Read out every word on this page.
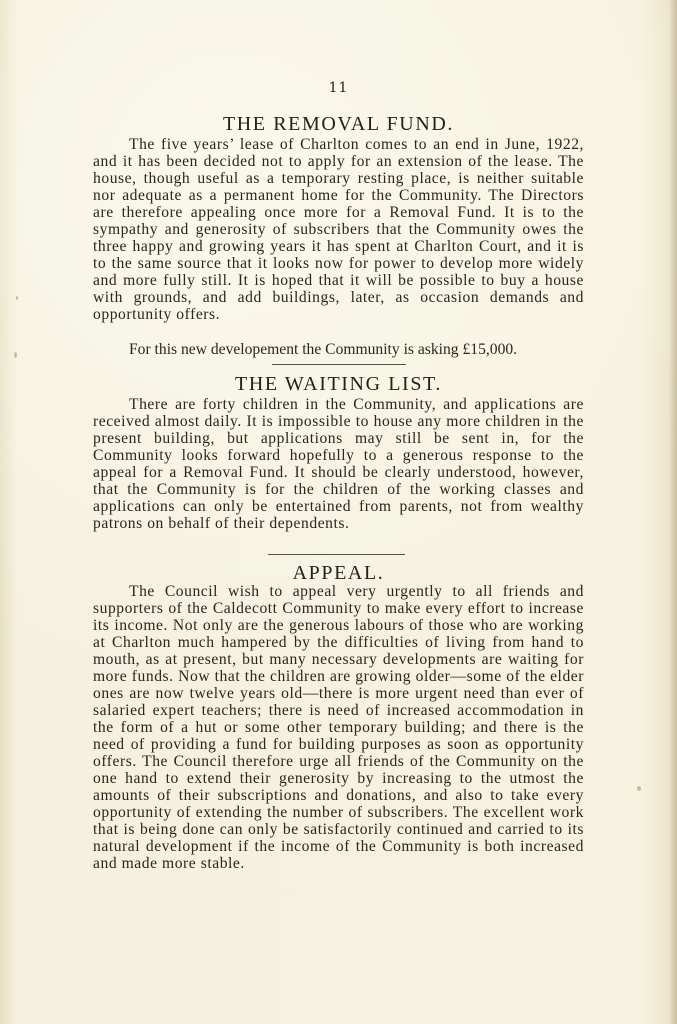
11
THE REMOVAL FUND.
The five years’ lease of Charlton comes to an end in June, 1922, and it has been decided not to apply for an extension of the lease. The house, though useful as a temporary resting place, is neither suitable nor adequate as a permanent home for the Community. The Directors are therefore appealing once more for a Removal Fund. It is to the sympathy and generosity of subscribers that the Community owes the three happy and growing years it has spent at Charlton Court, and it is to the same source that it looks now for power to develop more widely and more fully still. It is hoped that it will be possible to buy a house with grounds, and add buildings, later, as occasion demands and opportunity offers.
For this new developement the Community is asking £15,000.
THE WAITING LIST.
There are forty children in the Community, and applications are received almost daily. It is impossible to house any more children in the present building, but applications may still be sent in, for the Community looks forward hopefully to a generous response to the appeal for a Removal Fund. It should be clearly understood, however, that the Community is for the children of the working classes and applications can only be entertained from parents, not from wealthy patrons on behalf of their dependents.
APPEAL.
The Council wish to appeal very urgently to all friends and supporters of the Caldecott Community to make every effort to increase its income. Not only are the generous labours of those who are working at Charlton much hampered by the difficulties of living from hand to mouth, as at present, but many necessary developments are waiting for more funds. Now that the children are growing older—some of the elder ones are now twelve years old—there is more urgent need than ever of salaried expert teachers; there is need of increased accommodation in the form of a hut or some other temporary building; and there is the need of providing a fund for building purposes as soon as opportunity offers. The Council therefore urge all friends of the Community on the one hand to extend their generosity by increasing to the utmost the amounts of their subscriptions and donations, and also to take every opportunity of extending the number of subscribers. The excellent work that is being done can only be satisfactorily continued and carried to its natural development if the income of the Community is both increased and made more stable.
